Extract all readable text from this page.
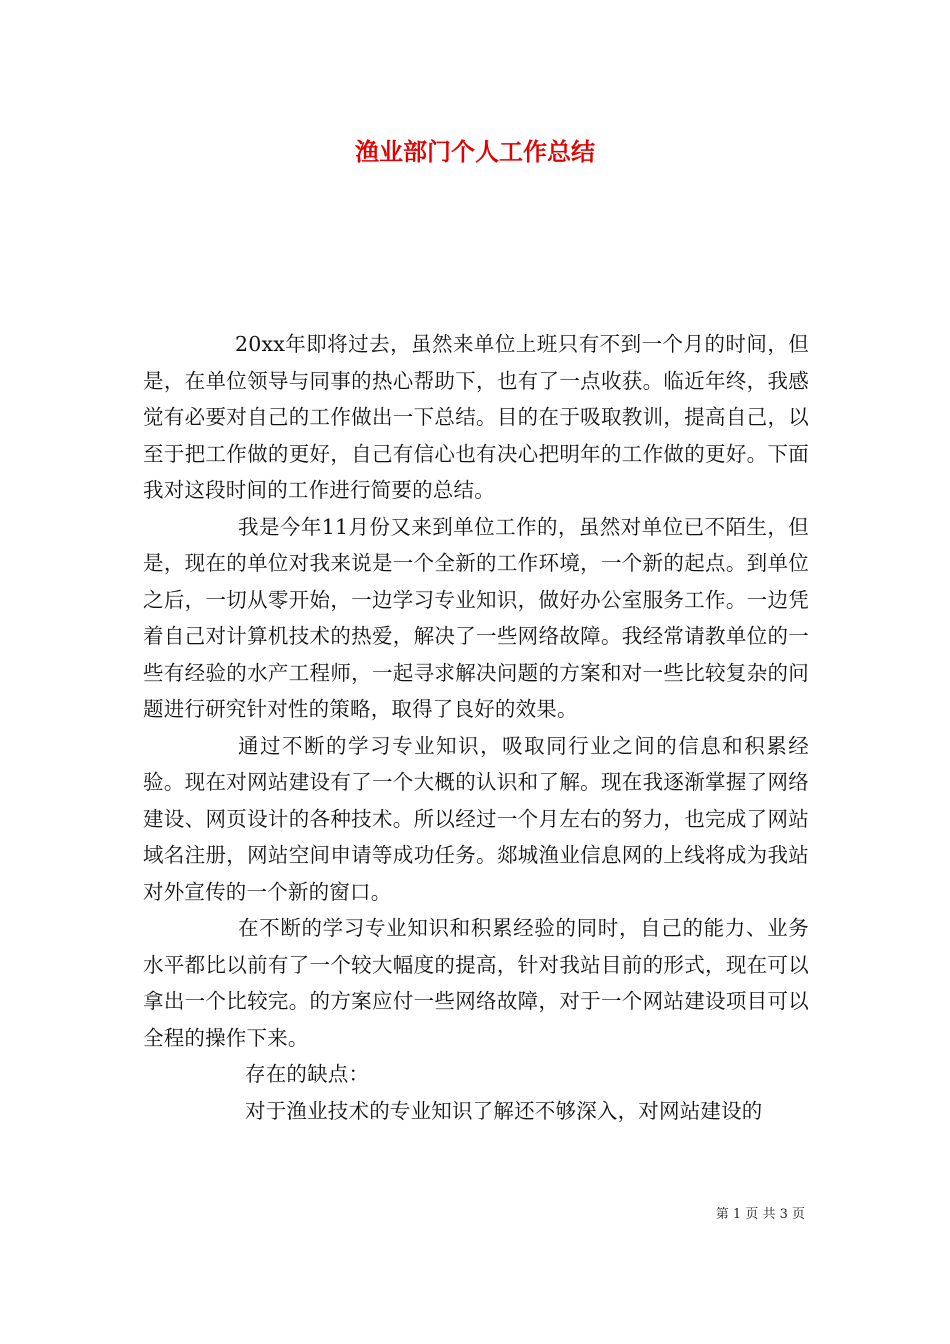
渔业部门个人工作总结

20xx年即将过去，虽然来单位上班只有不到一个月的时间，但是，在单位领导与同事的热心帮助下，也有了一点收获。临近年终，我感觉有必要对自己的工作做出一下总结。目的在于吸取教训，提高自己，以至于把工作做的更好，自己有信心也有决心把明年的工作做的更好。下面我对这段时间的工作进行简要的总结。

我是今年11月份又来到单位工作的，虽然对单位已不陌生，但是，现在的单位对我来说是一个全新的工作环境，一个新的起点。到单位之后，一切从零开始，一边学习专业知识，做好办公室服务工作。一边凭着自己对计算机技术的热爱，解决了一些网络故障。我经常请教单位的一些有经验的水产工程师，一起寻求解决问题的方案和对一些比较复杂的问题进行研究针对性的策略，取得了良好的效果。

通过不断的学习专业知识，吸取同行业之间的信息和积累经验。现在对网站建设有了一个大概的认识和了解。现在我逐渐掌握了网络建设、网页设计的各种技术。所以经过一个月左右的努力，也完成了网站域名注册，网站空间申请等成功任务。郯城渔业信息网的上线将成为我站对外宣传的一个新的窗口。

在不断的学习专业知识和积累经验的同时，自己的能力、业务水平都比以前有了一个较大幅度的提高，针对我站目前的形式，现在可以拿出一个比较完。的方案应付一些网络故障，对于一个网站建设项目可以全程的操作下来。

存在的缺点：

对于渔业技术的专业知识了解还不够深入，对网站建设的

第 1 页 共 3 页
